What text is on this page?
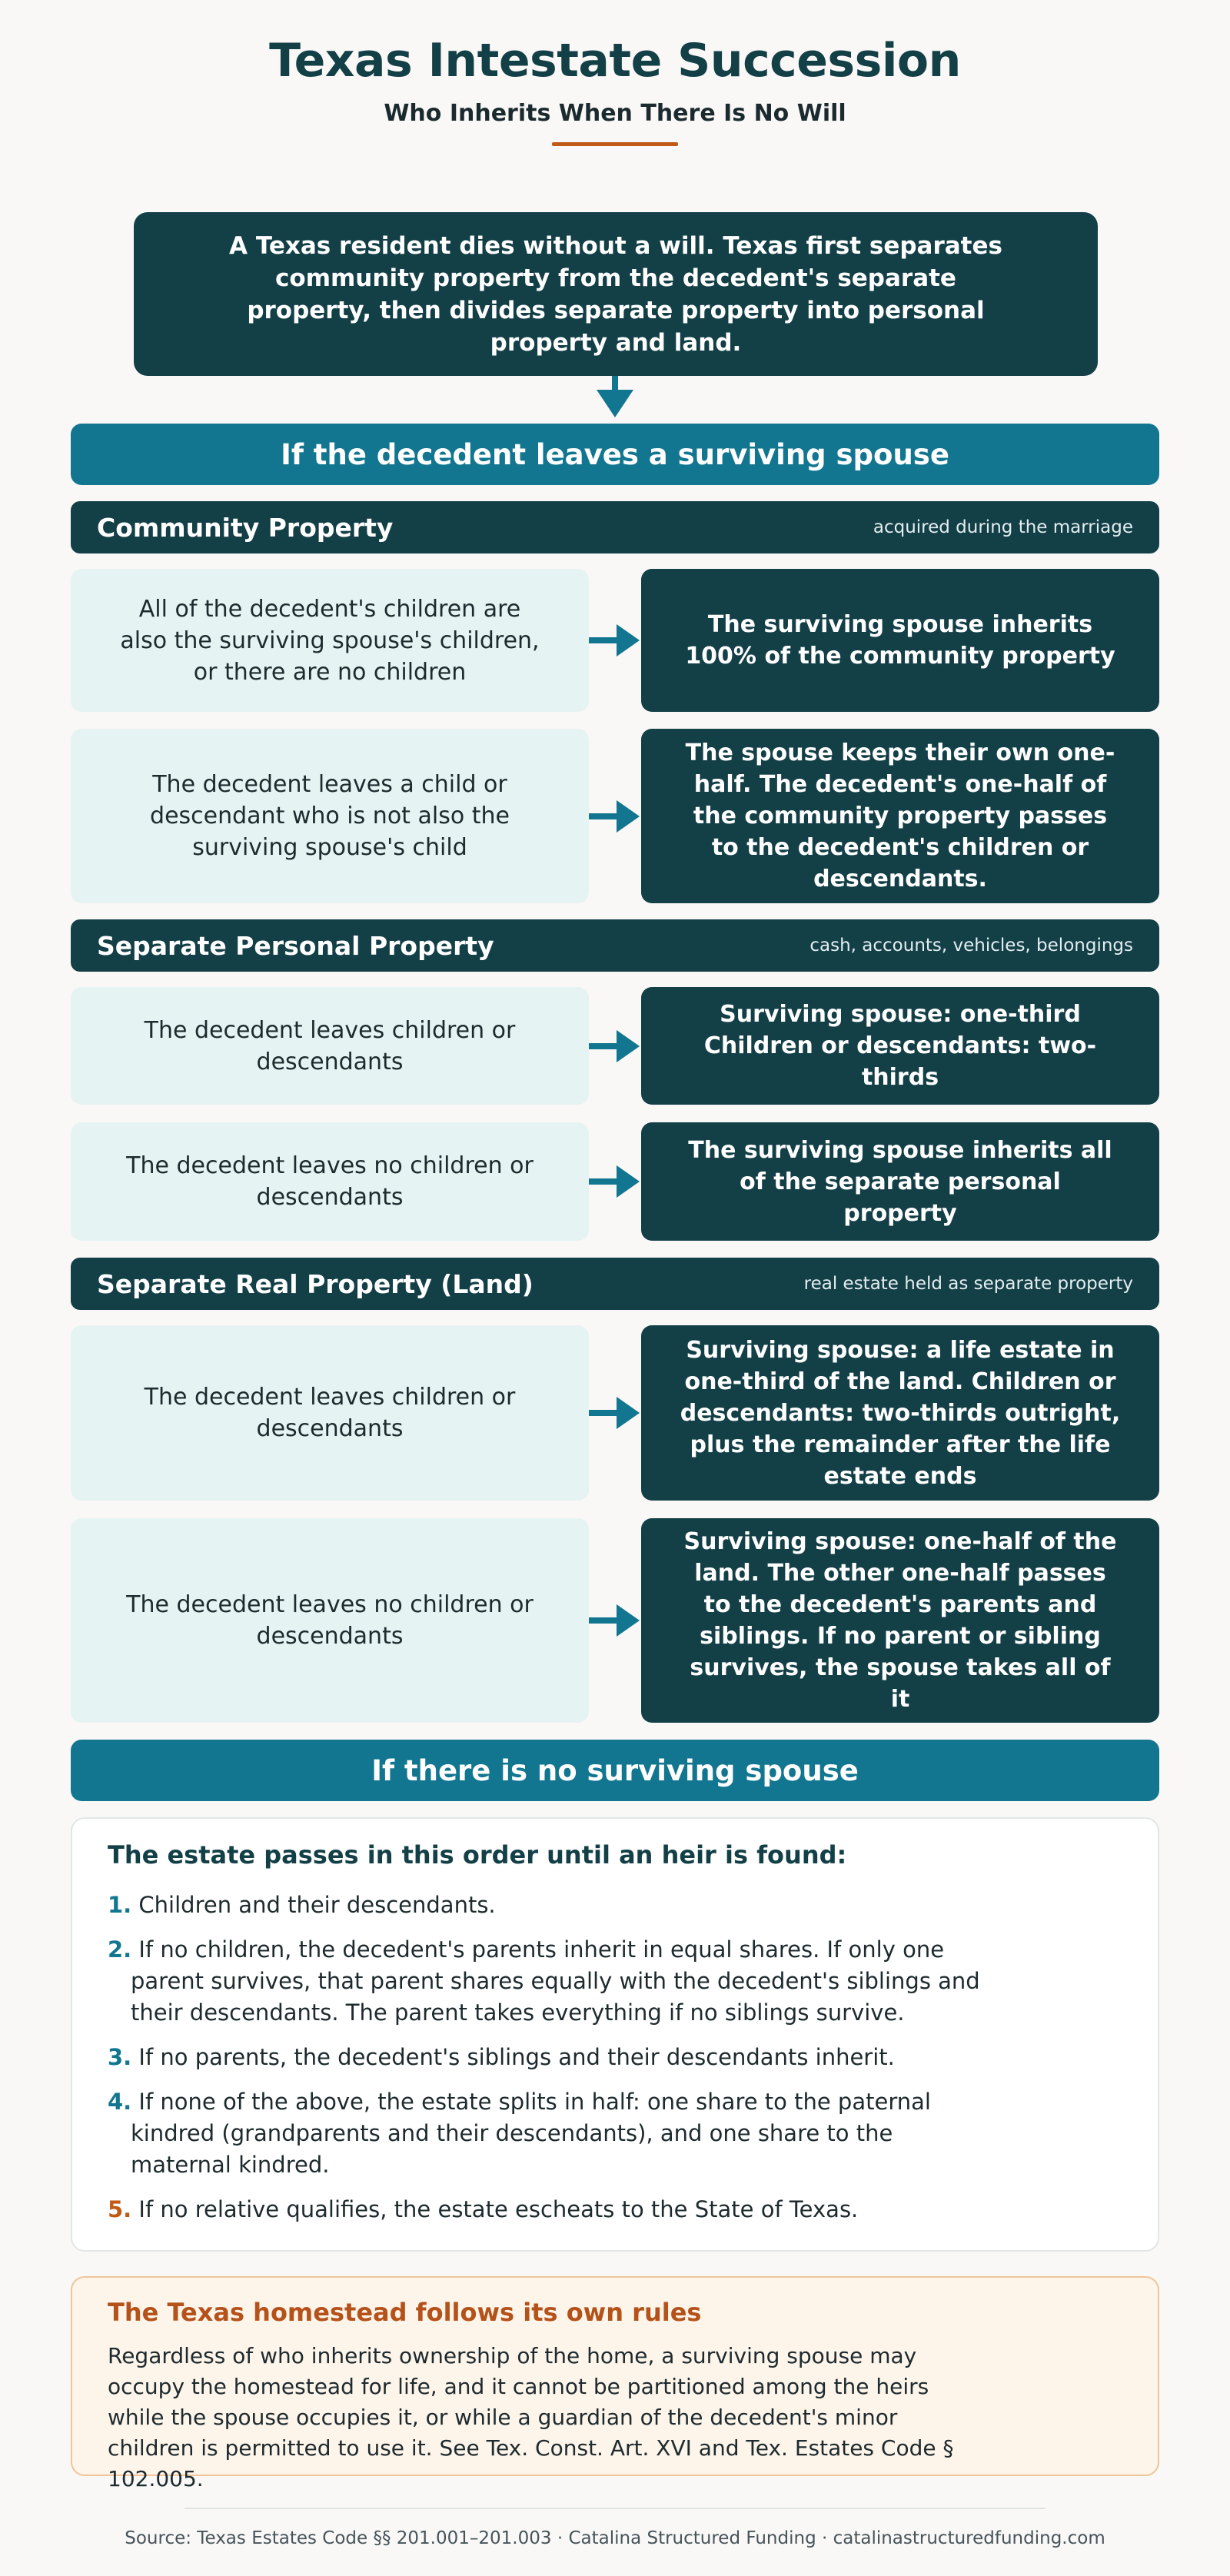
Texas Intestate Succession
Who Inherits When There Is No Will
A Texas resident dies without a will. Texas first separates community property from the decedent's separate property, then divides separate property into personal property and land.
If the decedent leaves a surviving spouse
Community Property	acquired during the marriage
All of the decedent's children are also the surviving spouse's children, or there are no children
The surviving spouse inherits 100% of the community property
The decedent leaves a child or descendant who is not also the surviving spouse's child
The spouse keeps their own one-half. The decedent's one-half of the community property passes to the decedent's children or descendants.
Separate Personal Property	cash, accounts, vehicles, belongings
The decedent leaves children or descendants
Surviving spouse: one-third Children or descendants: two-thirds
The decedent leaves no children or descendants
The surviving spouse inherits all of the separate personal property
Separate Real Property (Land)	real estate held as separate property
The decedent leaves children or descendants
Surviving spouse: a life estate in one-third of the land. Children or descendants: two-thirds outright, plus the remainder after the life estate ends
The decedent leaves no children or descendants
Surviving spouse: one-half of the land. The other one-half passes to the decedent's parents and siblings. If no parent or sibling survives, the spouse takes all of it
If there is no surviving spouse
The estate passes in this order until an heir is found:
1. Children and their descendants.
2. If no children, the decedent's parents inherit in equal shares. If only one parent survives, that parent shares equally with the decedent's siblings and their descendants. The parent takes everything if no siblings survive.
3. If no parents, the decedent's siblings and their descendants inherit.
4. If none of the above, the estate splits in half: one share to the paternal kindred (grandparents and their descendants), and one share to the maternal kindred.
5. If no relative qualifies, the estate escheats to the State of Texas.
The Texas homestead follows its own rules
Regardless of who inherits ownership of the home, a surviving spouse may occupy the homestead for life, and it cannot be partitioned among the heirs while the spouse occupies it, or while a guardian of the decedent's minor children is permitted to use it. See Tex. Const. Art. XVI and Tex. Estates Code § 102.005.
Source: Texas Estates Code §§ 201.001–201.003 · Catalina Structured Funding · catalinastructuredfunding.com
